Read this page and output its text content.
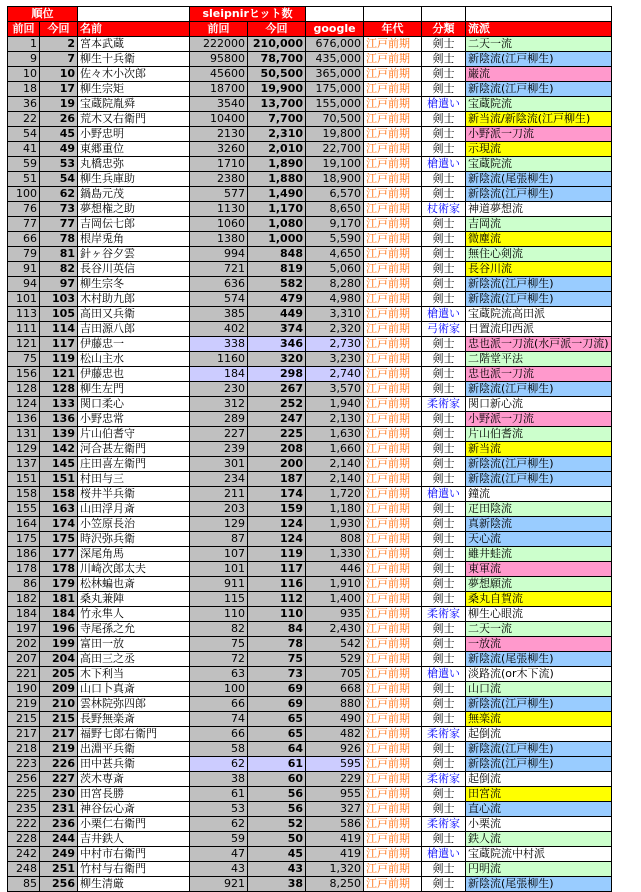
順位			sleipnirヒット数					
前回	今回	名前	前回	今回	google	年代	分類	流派
1	2	宮本武蔵	222000	210,000	676,000	江戸前期	剣士	二天一流
9	7	柳生十兵衛	95800	78,700	435,000	江戸前期	剣士	新陰流(江戸柳生)
10	10	佐々木小次郎	45600	50,500	365,000	江戸前期	剣士	巌流
18	17	柳生宗矩	18700	19,900	175,000	江戸前期	剣士	新陰流(江戸柳生)
36	19	宝蔵院胤舜	3540	13,700	155,000	江戸前期	槍遣い	宝蔵院流
22	26	荒木又右衛門	10400	7,700	70,500	江戸前期	剣士	新当流/新陰流(江戸柳生)
54	45	小野忠明	2130	2,310	19,800	江戸前期	剣士	小野派一刀流
41	49	東郷重位	3260	2,010	22,700	江戸前期	剣士	示現流
59	53	丸橋忠弥	1710	1,890	19,100	江戸前期	槍遣い	宝蔵院流
51	54	柳生兵庫助	2380	1,880	18,900	江戸前期	剣士	新陰流(尾張柳生)
100	62	鍋島元茂	577	1,490	6,570	江戸前期	剣士	新陰流(江戸柳生)
76	73	夢想権之助	1130	1,170	8,650	江戸前期	杖術家	神道夢想流
77	77	吉岡伝七郎	1060	1,080	9,170	江戸前期	剣士	吉岡流
66	78	根岸兎角	1380	1,000	5,590	江戸前期	剣士	微塵流
79	81	針ヶ谷夕雲	994	848	4,650	江戸前期	剣士	無住心剣流
91	82	長谷川英信	721	819	5,060	江戸前期	剣士	長谷川流
94	97	柳生宗冬	636	582	8,280	江戸前期	剣士	新陰流(江戸柳生)
101	103	木村助九郎	574	479	4,980	江戸前期	剣士	新陰流(江戸柳生)
113	105	高田又兵衛	385	449	3,310	江戸前期	槍遣い	宝蔵院流高田派
111	114	吉田源八郎	402	374	2,320	江戸前期	弓術家	日置流印西派
121	117	伊藤忠一	338	346	2,730	江戸前期	剣士	忠也派一刀流(水戸派一刀流)
75	119	松山主水	1160	320	3,230	江戸前期	剣士	二階堂平法
156	121	伊藤忠也	184	298	2,740	江戸前期	剣士	忠也派一刀流
128	128	柳生左門	230	267	3,570	江戸前期	剣士	新陰流(江戸柳生)
124	133	関口柔心	312	252	1,940	江戸前期	柔術家	関口新心流
136	136	小野忠常	289	247	2,130	江戸前期	剣士	小野派一刀流
131	139	片山伯耆守	227	225	1,630	江戸前期	剣士	片山伯耆流
129	142	河合甚左衛門	239	208	1,660	江戸前期	剣士	新当流
137	145	庄田喜左衛門	301	200	2,140	江戸前期	剣士	新陰流(江戸柳生)
151	151	村田与三	234	187	2,140	江戸前期	剣士	新陰流(江戸柳生)
158	158	桜井半兵衛	211	174	1,720	江戸前期	槍遣い	鐘流
155	163	山田浮月斎	203	159	1,180	江戸前期	剣士	疋田陰流
164	174	小笠原長治	129	124	1,930	江戸前期	剣士	真新陰流
175	175	時沢弥兵衛	87	124	808	江戸前期	剣士	天心流
186	177	深尾角馬	107	119	1,330	江戸前期	剣士	雖井蛙流
178	178	川崎次郎太夫	101	117	446	江戸前期	剣士	東軍流
86	179	松林蝙也斎	911	116	1,910	江戸前期	剣士	夢想願流
182	181	桑丸兼陣	115	112	1,400	江戸前期	剣士	桑丸自賀流
184	184	竹永隼人	110	110	935	江戸前期	柔術家	柳生心眼流
197	196	寺尾孫之允	82	84	2,430	江戸前期	剣士	二天一流
202	199	富田一放	75	78	542	江戸前期	剣士	一放流
207	204	高田三之丞	72	75	529	江戸前期	剣士	新陰流(尾張柳生)
221	205	木下利当	63	73	705	江戸前期	槍遣い	淡路流(or木下流)
190	209	山口卜真斎	100	69	668	江戸前期	剣士	山口流
219	210	雲林院弥四郎	66	69	880	江戸前期	剣士	新陰流(江戸柳生)
215	215	長野無楽斎	74	65	490	江戸前期	剣士	無楽流
217	217	福野七郎右衛門	66	65	482	江戸前期	柔術家	起倒流
218	219	出淵平兵衛	58	64	926	江戸前期	剣士	新陰流(江戸柳生)
223	226	田中甚兵衛	62	61	595	江戸前期	剣士	新陰流(江戸柳生)
256	227	茨木専斎	38	60	229	江戸前期	柔術家	起倒流
225	230	田宮長勝	61	56	955	江戸前期	剣士	田宮流
235	231	神谷伝心斎	53	56	327	江戸前期	剣士	直心流
222	236	小栗仁右衛門	62	52	586	江戸前期	柔術家	小栗流
228	244	吉井鉄人	59	50	419	江戸前期	剣士	鉄人流
242	249	中村市右衛門	47	45	419	江戸前期	槍遣い	宝蔵院流中村派
248	251	竹村与右衛門	43	43	1,320	江戸前期	剣士	円明流
85	256	柳生清厳	921	38	8,250	江戸前期	剣士	新陰流(尾張柳生)
